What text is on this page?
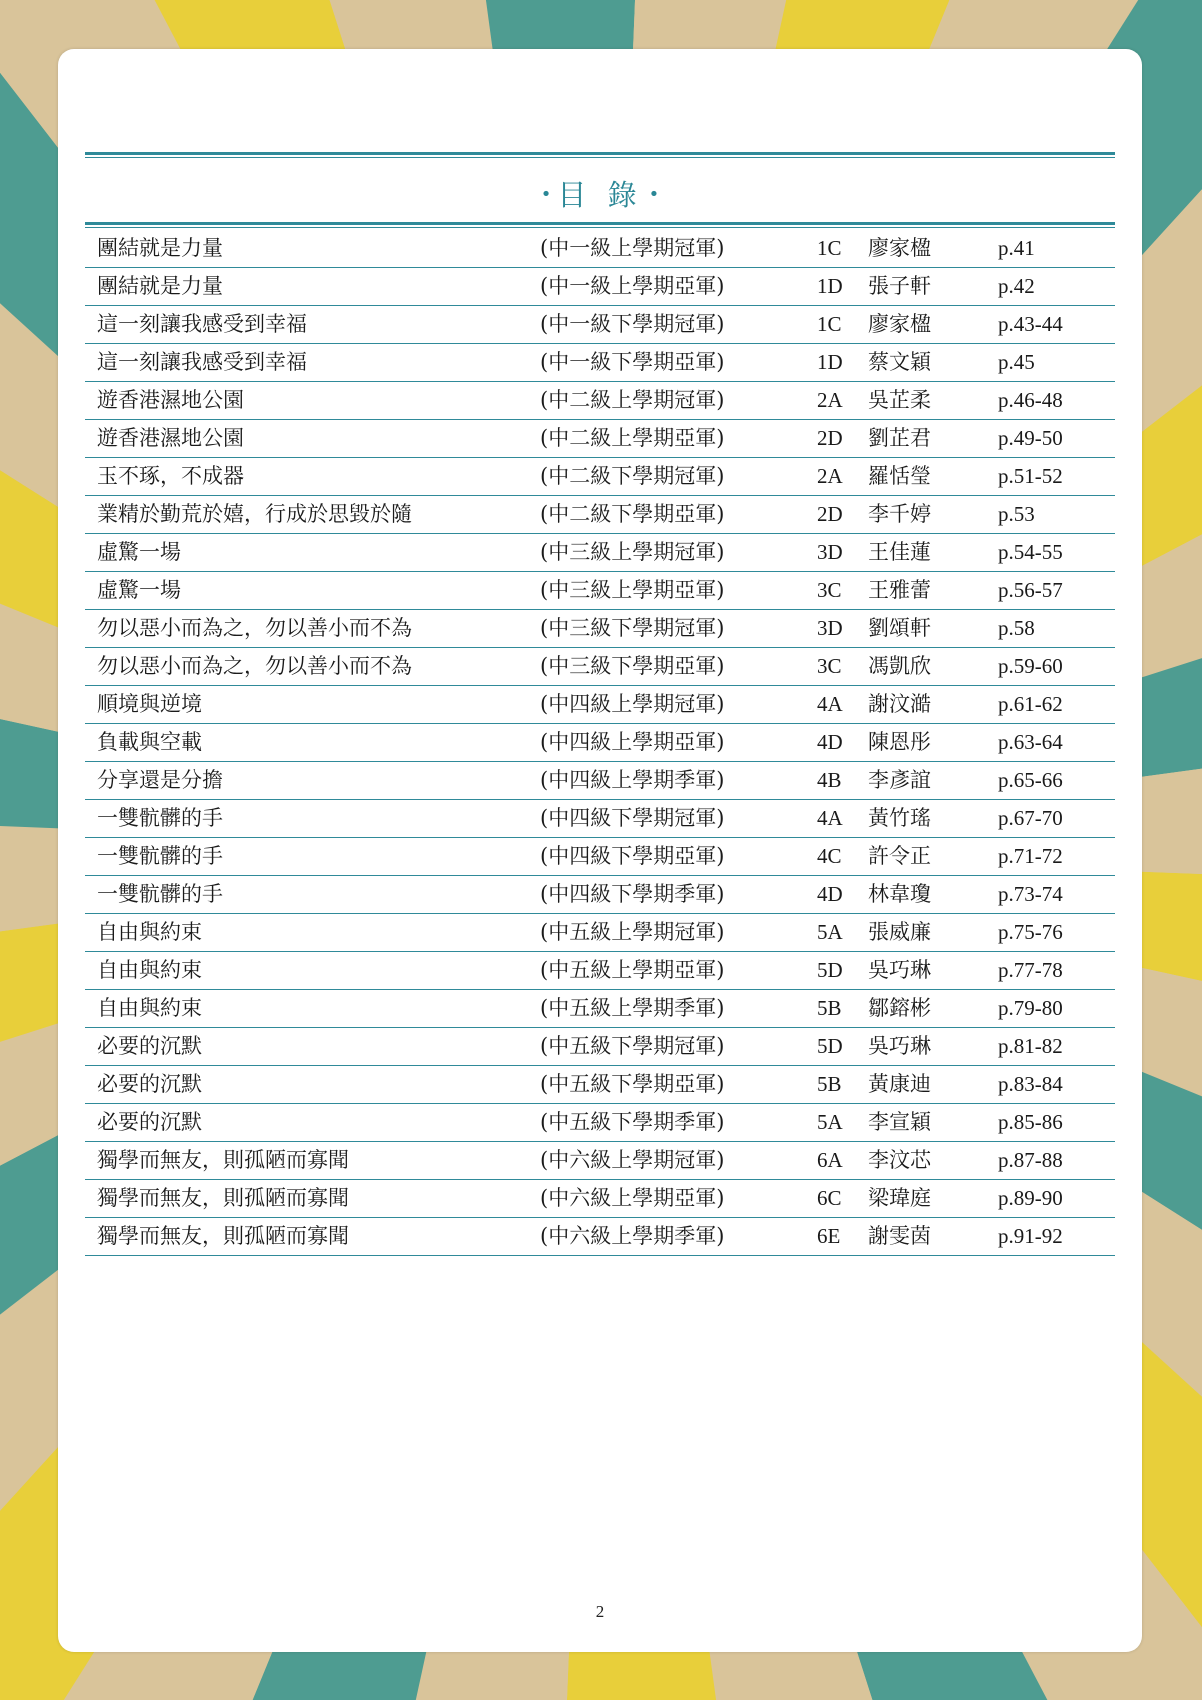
• 目 錄 •
團結就是力量	(中一級上學期冠軍)	1C 廖家楹	p.41
團結就是力量	(中一級上學期亞軍)	1D 張子軒	p.42
這一刻讓我感受到幸福	(中一級下學期冠軍)	1C 廖家楹	p.43-44
這一刻讓我感受到幸福	(中一級下學期亞軍)	1D 蔡文穎	p.45
遊香港濕地公園	(中二級上學期冠軍)	2A 吳芷柔	p.46-48
遊香港濕地公園	(中二級上學期亞軍)	2D 劉芷君	p.49-50
玉不琢，不成器	(中二級下學期冠軍)	2A 羅恬瑩	p.51-52
業精於勤荒於嬉，行成於思毀於隨	(中二級下學期亞軍)	2D 李千婷	p.53
虛驚一場	(中三級上學期冠軍)	3D 王佳蓮	p.54-55
虛驚一場	(中三級上學期亞軍)	3C 王雅蕾	p.56-57
勿以惡小而為之，勿以善小而不為	(中三級下學期冠軍)	3D 劉頌軒	p.58
勿以惡小而為之，勿以善小而不為	(中三級下學期亞軍)	3C 馮凱欣	p.59-60
順境與逆境	(中四級上學期冠軍)	4A 謝汶澔	p.61-62
負載與空載	(中四級上學期亞軍)	4D 陳恩彤	p.63-64
分享還是分擔	(中四級上學期季軍)	4B 李彥誼	p.65-66
一雙骯髒的手	(中四級下學期冠軍)	4A 黃竹瑤	p.67-70
一雙骯髒的手	(中四級下學期亞軍)	4C 許令正	p.71-72
一雙骯髒的手	(中四級下學期季軍)	4D 林韋瓊	p.73-74
自由與約束	(中五級上學期冠軍)	5A 張威廉	p.75-76
自由與約束	(中五級上學期亞軍)	5D 吳巧琳	p.77-78
自由與約束	(中五級上學期季軍)	5B 鄒鎔彬	p.79-80
必要的沉默	(中五級下學期冠軍)	5D 吳巧琳	p.81-82
必要的沉默	(中五級下學期亞軍)	5B 黃康迪	p.83-84
必要的沉默	(中五級下學期季軍)	5A 李宣穎	p.85-86
獨學而無友，則孤陋而寡聞	(中六級上學期冠軍)	6A 李汶芯	p.87-88
獨學而無友，則孤陋而寡聞	(中六級上學期亞軍)	6C 梁瑋庭	p.89-90
獨學而無友，則孤陋而寡聞	(中六級上學期季軍)	6E 謝雯茵	p.91-92
2
